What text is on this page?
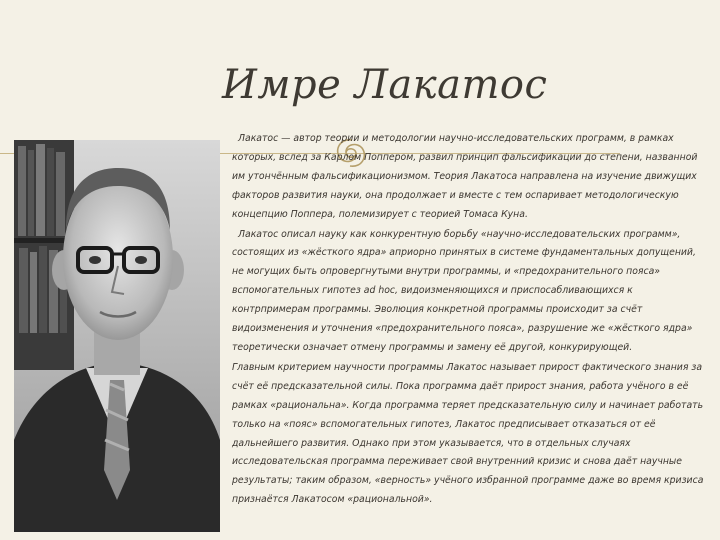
Имре Лакатос

Лакатос — автор теории и методологии научно-исследовательских программ, в рамках которых, вслед за Карлом Поппером, развил принцип фальсификации до степени, названной им утончённым фальсификационизмом. Теория Лакатоса направлена на изучение движущих факторов развития науки, она продолжает и вместе с тем оспаривает методологическую концепцию Поппера, полемизирует с теорией Томаса Куна.

Лакатос описал науку как конкурентную борьбу «научно-исследовательских программ», состоящих из «жёсткого ядра» априорно принятых в системе фундаментальных допущений, не могущих быть опровергнутыми внутри программы, и «предохранительного пояса» вспомогательных гипотез ad hoc, видоизменяющихся и приспосабливающихся к контрпримерам программы. Эволюция конкретной программы происходит за счёт видоизменения и уточнения «предохранительного пояса», разрушение же «жёсткого ядра» теоретически означает отмену программы и замену её другой, конкурирующей.

Главным критерием научности программы Лакатос называет прирост фактического знания за счёт её предсказательной силы. Пока программа даёт прирост знания, работа учёного в её рамках «рациональна». Когда программа теряет предсказательную силу и начинает работать только на «пояс» вспомогательных гипотез, Лакатос предписывает отказаться от её дальнейшего развития. Однако при этом указывается, что в отдельных случаях исследовательская программа переживает свой внутренний кризис и снова даёт научные результаты; таким образом, «верность» учёного избранной программе даже во время кризиса признаётся Лакатосом «рациональной».
